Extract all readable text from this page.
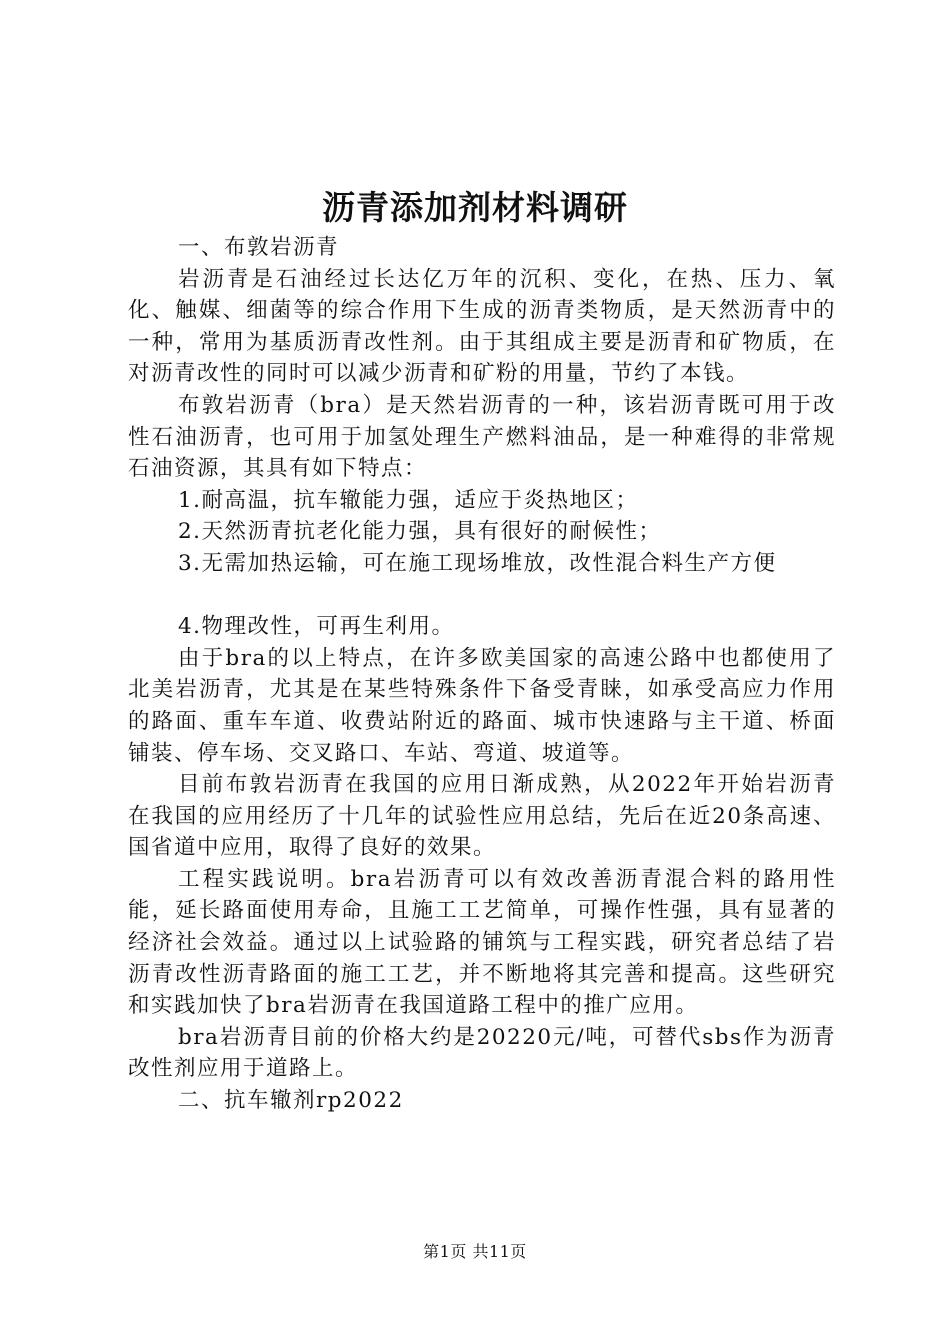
沥青添加剂材料调研

一、布敦岩沥青

岩沥青是石油经过长达亿万年的沉积、变化，在热、压力、氧化、触媒、细菌等的综合作用下生成的沥青类物质，是天然沥青中的一种，常用为基质沥青改性剂。由于其组成主要是沥青和矿物质，在对沥青改性的同时可以减少沥青和矿粉的用量，节约了本钱。

布敦岩沥青（bra）是天然岩沥青的一种，该岩沥青既可用于改性石油沥青，也可用于加氢处理生产燃料油品，是一种难得的非常规石油资源，其具有如下特点：

1.耐高温，抗车辙能力强，适应于炎热地区；

2.天然沥青抗老化能力强，具有很好的耐候性；

3.无需加热运输，可在施工现场堆放，改性混合料生产方便

4.物理改性，可再生利用。

由于bra的以上特点，在许多欧美国家的高速公路中也都使用了北美岩沥青，尤其是在某些特殊条件下备受青睐，如承受高应力作用的路面、重车车道、收费站附近的路面、城市快速路与主干道、桥面铺装、停车场、交叉路口、车站、弯道、坡道等。

目前布敦岩沥青在我国的应用日渐成熟，从2022年开始岩沥青在我国的应用经历了十几年的试验性应用总结，先后在近20条高速、国省道中应用，取得了良好的效果。

工程实践说明。bra岩沥青可以有效改善沥青混合料的路用性能，延长路面使用寿命，且施工工艺简单，可操作性强，具有显著的经济社会效益。通过以上试验路的铺筑与工程实践，研究者总结了岩沥青改性沥青路面的施工工艺，并不断地将其完善和提高。这些研究和实践加快了bra岩沥青在我国道路工程中的推广应用。

bra岩沥青目前的价格大约是20220元/吨，可替代sbs作为沥青改性剂应用于道路上。

二、抗车辙剂rp2022

第1页 共11页
